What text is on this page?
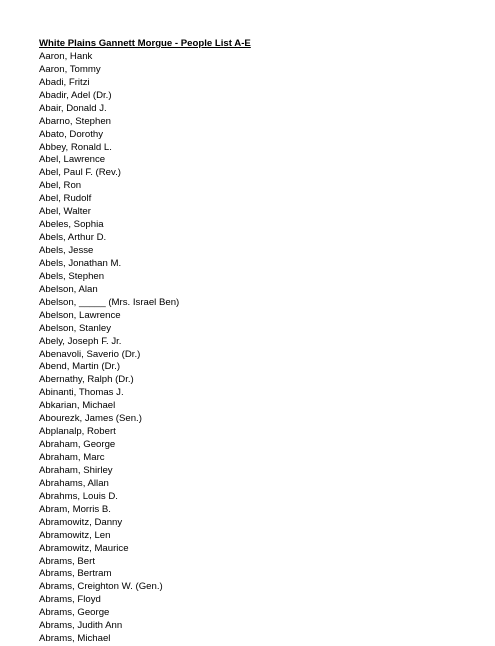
White Plains Gannett Morgue - People List A-E
Aaron, Hank
Aaron, Tommy
Abadi, Fritzi
Abadir, Adel (Dr.)
Abair, Donald J.
Abarno, Stephen
Abato, Dorothy
Abbey, Ronald L.
Abel, Lawrence
Abel, Paul F. (Rev.)
Abel, Ron
Abel, Rudolf
Abel, Walter
Abeles, Sophia
Abels, Arthur D.
Abels, Jesse
Abels, Jonathan M.
Abels, Stephen
Abelson, Alan
Abelson, _____ (Mrs. Israel Ben)
Abelson, Lawrence
Abelson, Stanley
Abely, Joseph F. Jr.
Abenavoli, Saverio (Dr.)
Abend, Martin (Dr.)
Abernathy, Ralph (Dr.)
Abinanti, Thomas J.
Abkarian, Michael
Abourezk, James (Sen.)
Abplanalp, Robert
Abraham, George
Abraham, Marc
Abraham, Shirley
Abrahams, Allan
Abrahms, Louis D.
Abram, Morris B.
Abramowitz, Danny
Abramowitz, Len
Abramowitz, Maurice
Abrams, Bert
Abrams, Bertram
Abrams, Creighton W. (Gen.)
Abrams, Floyd
Abrams, George
Abrams, Judith Ann
Abrams, Michael
